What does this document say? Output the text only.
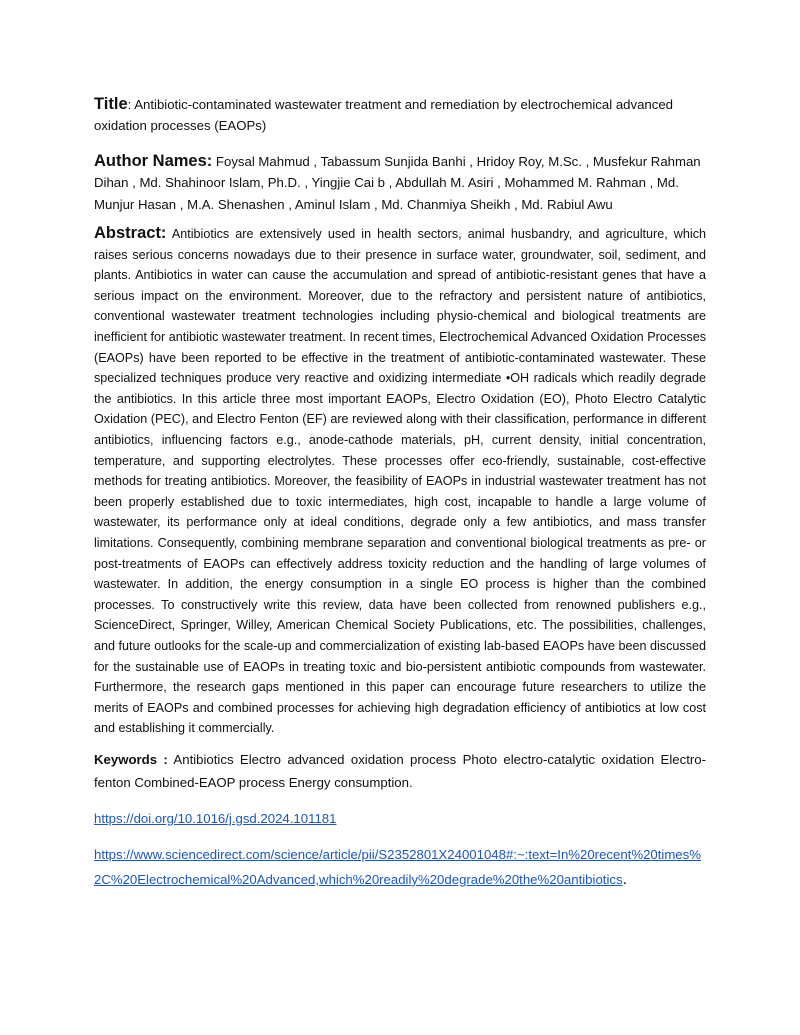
Title: Antibiotic-contaminated wastewater treatment and remediation by electrochemical advanced oxidation processes (EAOPs)
Author Names: Foysal Mahmud , Tabassum Sunjida Banhi , Hridoy Roy, M.Sc. , Musfekur Rahman Dihan , Md. Shahinoor Islam, Ph.D. , Yingjie Cai b , Abdullah M. Asiri , Mohammed M. Rahman , Md. Munjur Hasan , M.A. Shenashen , Aminul Islam , Md. Chanmiya Sheikh , Md. Rabiul Awu
Abstract: Antibiotics are extensively used in health sectors, animal husbandry, and agriculture, which raises serious concerns nowadays due to their presence in surface water, groundwater, soil, sediment, and plants. Antibiotics in water can cause the accumulation and spread of antibiotic-resistant genes that have a serious impact on the environment. Moreover, due to the refractory and persistent nature of antibiotics, conventional wastewater treatment technologies including physio-chemical and biological treatments are inefficient for antibiotic wastewater treatment. In recent times, Electrochemical Advanced Oxidation Processes (EAOPs) have been reported to be effective in the treatment of antibiotic-contaminated wastewater. These specialized techniques produce very reactive and oxidizing intermediate •OH radicals which readily degrade the antibiotics. In this article three most important EAOPs, Electro Oxidation (EO), Photo Electro Catalytic Oxidation (PEC), and Electro Fenton (EF) are reviewed along with their classification, performance in different antibiotics, influencing factors e.g., anode-cathode materials, pH, current density, initial concentration, temperature, and supporting electrolytes. These processes offer eco-friendly, sustainable, cost-effective methods for treating antibiotics. Moreover, the feasibility of EAOPs in industrial wastewater treatment has not been properly established due to toxic intermediates, high cost, incapable to handle a large volume of wastewater, its performance only at ideal conditions, degrade only a few antibiotics, and mass transfer limitations. Consequently, combining membrane separation and conventional biological treatments as pre- or post-treatments of EAOPs can effectively address toxicity reduction and the handling of large volumes of wastewater. In addition, the energy consumption in a single EO process is higher than the combined processes. To constructively write this review, data have been collected from renowned publishers e.g., ScienceDirect, Springer, Willey, American Chemical Society Publications, etc. The possibilities, challenges, and future outlooks for the scale-up and commercialization of existing lab-based EAOPs have been discussed for the sustainable use of EAOPs in treating toxic and bio-persistent antibiotic compounds from wastewater. Furthermore, the research gaps mentioned in this paper can encourage future researchers to utilize the merits of EAOPs and combined processes for achieving high degradation efficiency of antibiotics at low cost and establishing it commercially.
Keywords : Antibiotics Electro advanced oxidation process Photo electro-catalytic oxidation Electro-fenton Combined-EAOP process Energy consumption.
https://doi.org/10.1016/j.gsd.2024.101181
https://www.sciencedirect.com/science/article/pii/S2352801X24001048#:~:text=In%20recent%20times%2C%20Electrochemical%20Advanced,which%20readily%20degrade%20the%20antibiotics.
